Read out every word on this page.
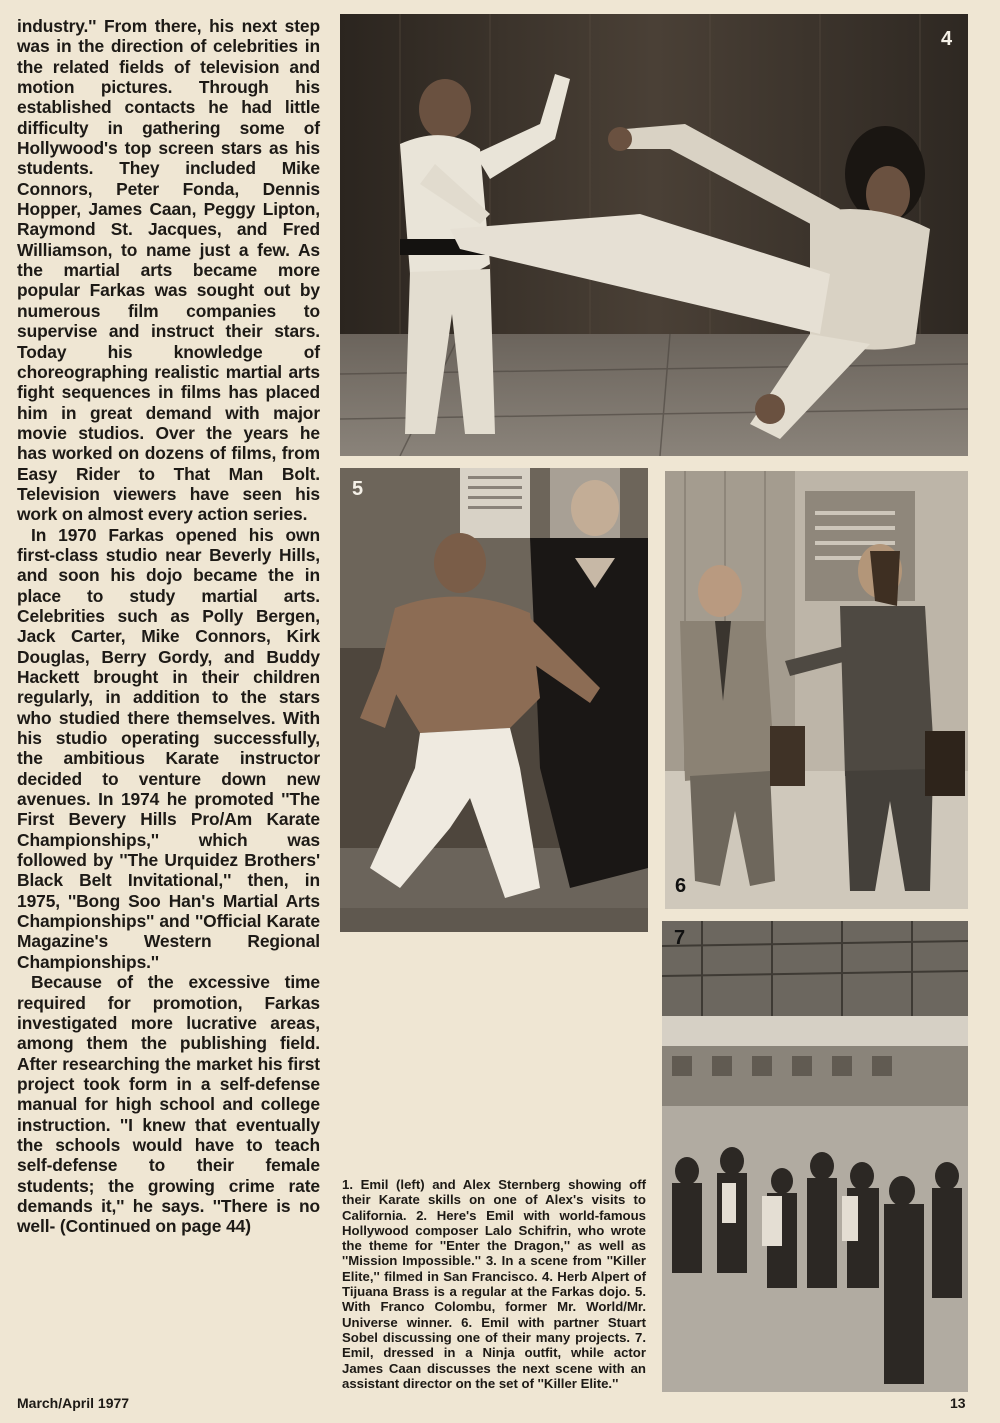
industry.'' From there, his next step was in the direction of celebrities in the related fields of television and motion pictures. Through his established contacts he had little difficulty in gathering some of Hollywood's top screen stars as his students. They included Mike Connors, Peter Fonda, Dennis Hopper, James Caan, Peggy Lipton, Raymond St. Jacques, and Fred Williamson, to name just a few. As the martial arts became more popular Farkas was sought out by numerous film companies to supervise and instruct their stars. Today his knowledge of choreographing realistic martial arts fight sequences in films has placed him in great demand with major movie studios. Over the years he has worked on dozens of films, from Easy Rider to That Man Bolt. Television viewers have seen his work on almost every action series.

In 1970 Farkas opened his own first-class studio near Beverly Hills, and soon his dojo became the in place to study martial arts. Celebrities such as Polly Bergen, Jack Carter, Mike Connors, Kirk Douglas, Berry Gordy, and Buddy Hackett brought in their children regularly, in addition to the stars who studied there themselves. With his studio operating successfully, the ambitious Karate instructor decided to venture down new avenues. In 1974 he promoted ''The First Bevery Hills Pro/Am Karate Championships,'' which was followed by ''The Urquidez Brothers' Black Belt Invitational,'' then, in 1975, ''Bong Soo Han's Martial Arts Championships'' and ''Official Karate Magazine's Western Regional Championships.''

Because of the excessive time required for promotion, Farkas investigated more lucrative areas, among them the publishing field. After researching the market his first project took form in a self-defense manual for high school and college instruction. ''I knew that eventually the schools would have to teach self-defense to their female students; the growing crime rate demands it,'' he says. ''There is no well- (Continued on page 44)

4
5
6
7
1. Emil (left) and Alex Sternberg showing off their Karate skills on one of Alex's visits to California. 2. Here's Emil with world-famous Hollywood composer Lalo Schifrin, who wrote the theme for ''Enter the Dragon,'' as well as ''Mission Impossible.'' 3. In a scene from ''Killer Elite,'' filmed in San Francisco. 4. Herb Alpert of Tijuana Brass is a regular at the Farkas dojo. 5. With Franco Colombu, former Mr. World/Mr. Universe winner. 6. Emil with partner Stuart Sobel discussing one of their many projects. 7. Emil, dressed in a Ninja outfit, while actor James Caan discusses the next scene with an assistant director on the set of ''Killer Elite.''
March/April 1977	13
